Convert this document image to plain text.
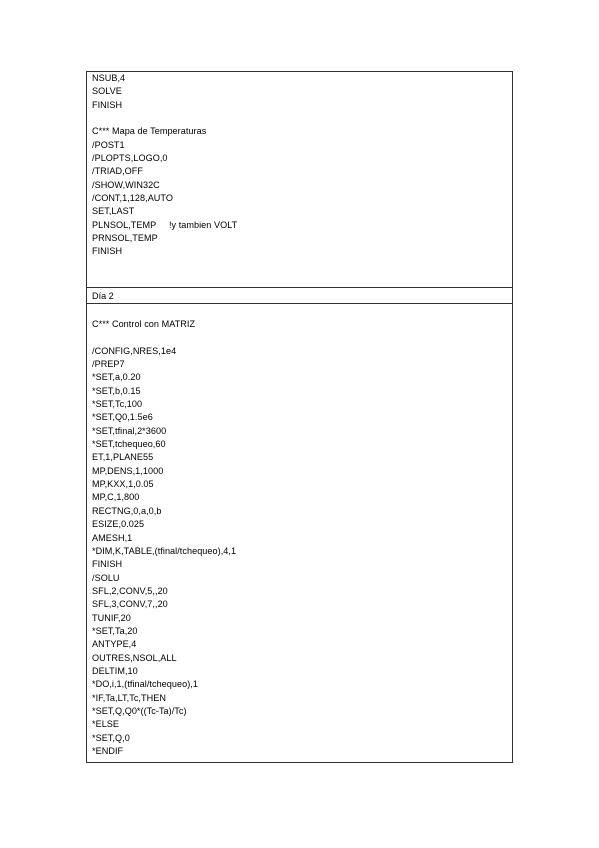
NSUB,4
SOLVE
FINISH
C*** Mapa de Temperaturas
/POST1
/PLOPTS,LOGO,0
/TRIAD,OFF
/SHOW,WIN32C
/CONT,1,128,AUTO
SET,LAST
PLNSOL,TEMP     !y tambien VOLT
PRNSOL,TEMP
FINISH
Día 2
C*** Control con MATRIZ
/CONFIG,NRES,1e4
/PREP7
*SET,a,0.20
*SET,b,0.15
*SET,Tc,100
*SET,Q0,1.5e6
*SET,tfinal,2*3600
*SET,tchequeo,60
ET,1,PLANE55
MP,DENS,1,1000
MP,KXX,1,0.05
MP,C,1,800
RECTNG,0,a,0,b
ESIZE,0.025
AMESH,1
*DIM,K,TABLE,(tfinal/tchequeo),4,1
FINISH
/SOLU
SFL,2,CONV,5,,20
SFL,3,CONV,7,,20
TUNIF,20
*SET,Ta,20
ANTYPE,4
OUTRES,NSOL,ALL
DELTIM,10
*DO,i,1,(tfinal/tchequeo),1
*IF,Ta,LT,Tc,THEN
*SET,Q,Q0*((Tc-Ta)/Tc)
*ELSE
*SET,Q,0
*ENDIF
